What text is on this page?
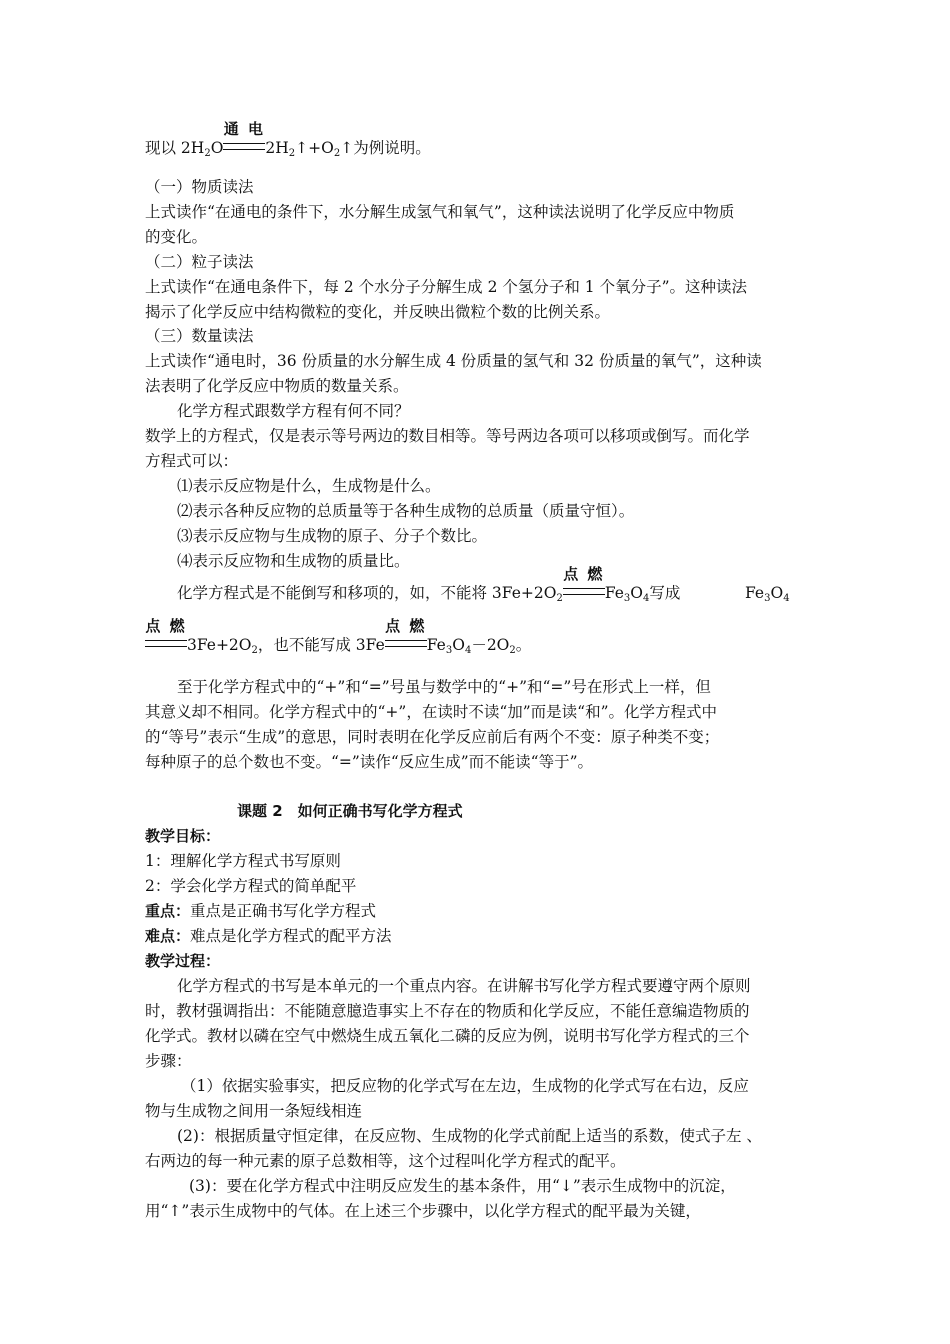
现以 $2H_2O$
通 电
$2H_2↑+O_2↑$为例说明。
（一）物质读法
上式读作“在通电的条件下，水分解生成氢气和氧气”，这种读法说明了化学反应中物质
的变化。
（二）粒子读法
上式读作“在通电条件下，每 2 个水分子分解生成 2 个氢分子和 1 个氧分子”。这种读法
揭示了化学反应中结构微粒的变化，并反映出微粒个数的比例关系。
（三）数量读法
上式读作“通电时，36 份质量的水分解生成 4 份质量的氢气和 32 份质量的氧气”，这种读
法表明了化学反应中物质的数量关系。
化学方程式跟数学方程有何不同？
数学上的方程式，仅是表示等号两边的数目相等。等号两边各项可以移项或倒写。而化学
方程式可以：
⑴表示反应物是什么，生成物是什么。
⑵表示各种反应物的总质量等于各种生成物的总质量（质量守恒）。
⑶表示反应物与生成物的原子、分子个数比。
⑷表示反应物和生成物的质量比。
化学方程式是不能倒写和移项的，如，不能将 $3Fe+2O_2$
点 燃
$Fe_3O_4$写成	$Fe_3O_4$
点 燃
$3Fe+2O_2$，也不能写成 3Fe
点 燃
$Fe_3O_4-2O_2$。
至于化学方程式中的“+”和“=”号虽与数学中的“+”和“=”号在形式上一样，但
其意义却不相同。化学方程式中的“+”，在读时不读“加”而是读“和”。化学方程式中
的“等号”表示“生成”的意思，同时表明在化学反应前后有两个不变：原子种类不变；
每种原子的总个数也不变。“=”读作“反应生成”而不能读“等于”。
课题 2　如何正确书写化学方程式
教学目标：
1：理解化学方程式书写原则
2：学会化学方程式的简单配平
重点：重点是正确书写化学方程式
难点：难点是化学方程式的配平方法
教学过程：
化学方程式的书写是本单元的一个重点内容。在讲解书写化学方程式要遵守两个原则
时，教材强调指出：不能随意臆造事实上不存在的物质和化学反应，不能任意编造物质的
化学式。教材以磷在空气中燃烧生成五氧化二磷的反应为例，说明书写化学方程式的三个
步骤：
（1）依据实验事实，把反应物的化学式写在左边，生成物的化学式写在右边，反应
物与生成物之间用一条短线相连
(2)：根据质量守恒定律，在反应物、生成物的化学式前配上适当的系数，使式子左 、
右两边的每一种元素的原子总数相等，这个过程叫化学方程式的配平。
(3)：要在化学方程式中注明反应发生的基本条件，用“↓”表示生成物中的沉淀，
用“↑”表示生成物中的气体。在上述三个步骤中，以化学方程式的配平最为关键，
